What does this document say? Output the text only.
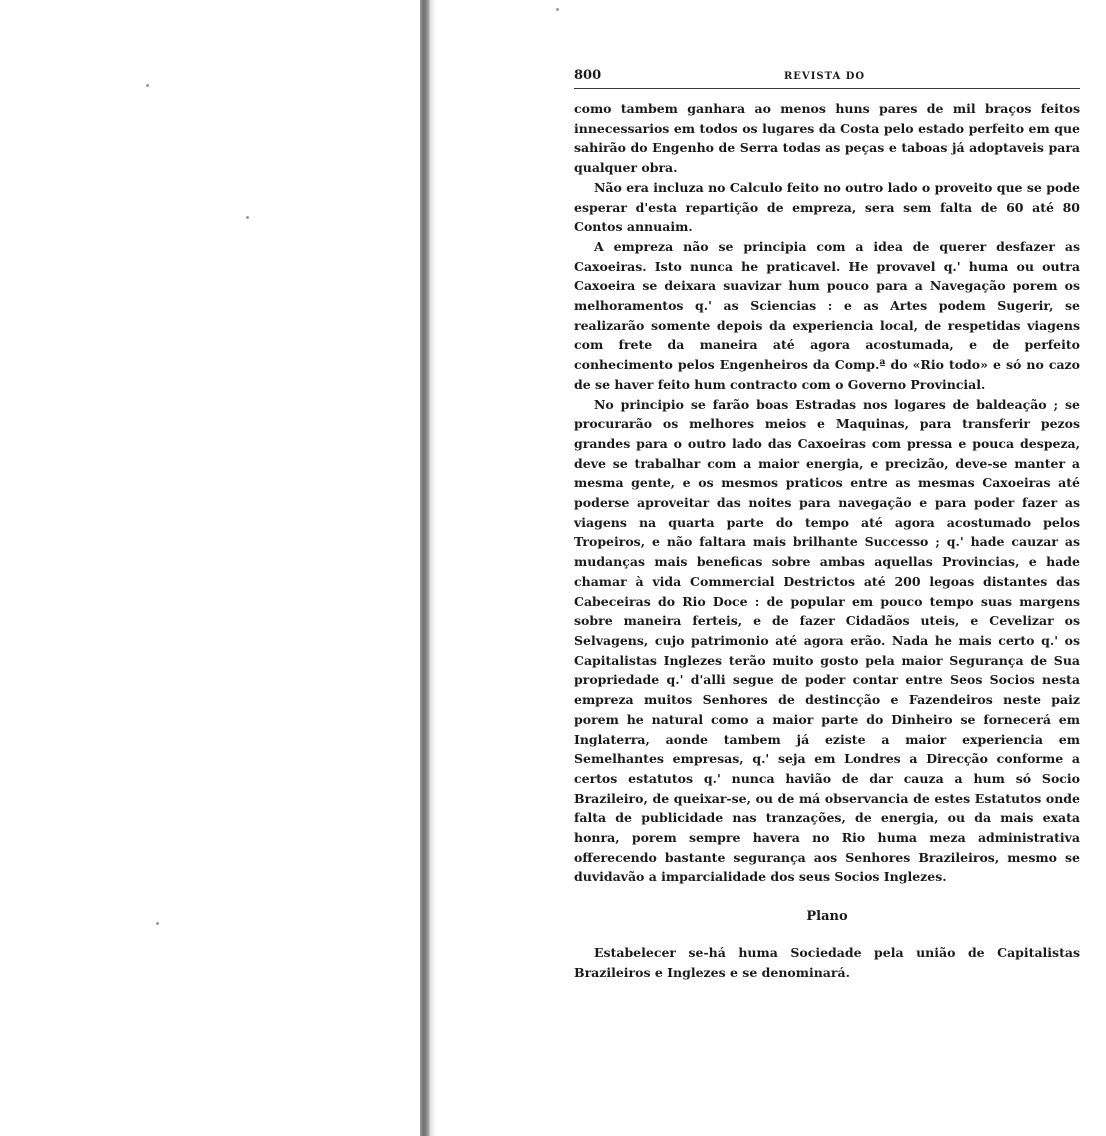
800	REVISTA DO

como tambem ganhara ao menos huns pares de mil braços feitos innecessarios em todos os lugares da Costa pelo estado perfeito em que sahirão do Engenho de Serra todas as peças e taboas já adoptaveis para qualquer obra.

Não era incluza no Calculo feito no outro lado o proveito que se pode esperar d'esta repartição de empreza, sera sem falta de 60 até 80 Contos annuaim.

A empreza não se principia com a idea de querer desfazer as Caxoeiras. Isto nunca he praticavel. He provavel q.' huma ou outra Caxoeira se deixara suavizar hum pouco para a Navegação porem os melhoramentos q.' as Sciencias : e as Artes podem Sugerir, se realizarão somente depois da experiencia local, de respetidas viagens com frete da maneira até agora acostumada, e de perfeito conhecimento pelos Engenheiros da Comp.ª do «Rio todo» e só no cazo de se haver feito hum contracto com o Governo Provincial.

No principio se farão boas Estradas nos logares de baldeação ; se procurarão os melhores meios e Maquinas, para transferir pezos grandes para o outro lado das Caxoeiras com pressa e pouca despeza, deve se trabalhar com a maior energia, e precizão, deve-se manter a mesma gente, e os mesmos praticos entre as mesmas Caxoeiras até poderse aproveitar das noites para navegação e para poder fazer as viagens na quarta parte do tempo até agora acostumado pelos Tropeiros, e não faltara mais brilhante Successo ; q.' hade cauzar as mudanças mais beneficas sobre ambas aquellas Provincias, e hade chamar à vida Commercial Destrictos até 200 legoas distantes das Cabeceiras do Rio Doce : de popular em pouco tempo suas margens sobre maneira ferteis, e de fazer Cidadãos uteis, e Cevelizar os Selvagens, cujo patrimonio até agora erão. Nada he mais certo q.' os Capitalistas Inglezes terão muito gosto pela maior Segurança de Sua propriedade q.' d'alli segue de poder contar entre Seos Socios nesta empreza muitos Senhores de destincção e Fazendeiros neste paiz porem he natural como a maior parte do Dinheiro se fornecerá em Inglaterra, aonde tambem já eziste a maior experiencia em Semelhantes empresas, q.' seja em Londres a Direcção conforme a certos estatutos q.' nunca havião de dar cauza a hum só Socio Brazileiro, de queixar-se, ou de má observancia de estes Estatutos onde falta de publicidade nas tranzações, de energia, ou da mais exata honra, porem sempre havera no Rio huma meza administrativa offerecendo bastante segurança aos Senhores Brazileiros, mesmo se duvidavão a imparcialidade dos seus Socios Inglezes.

Plano

Estabelecer se-há huma Sociedade pela união de Capitalistas Brazileiros e Inglezes e se denominará.
